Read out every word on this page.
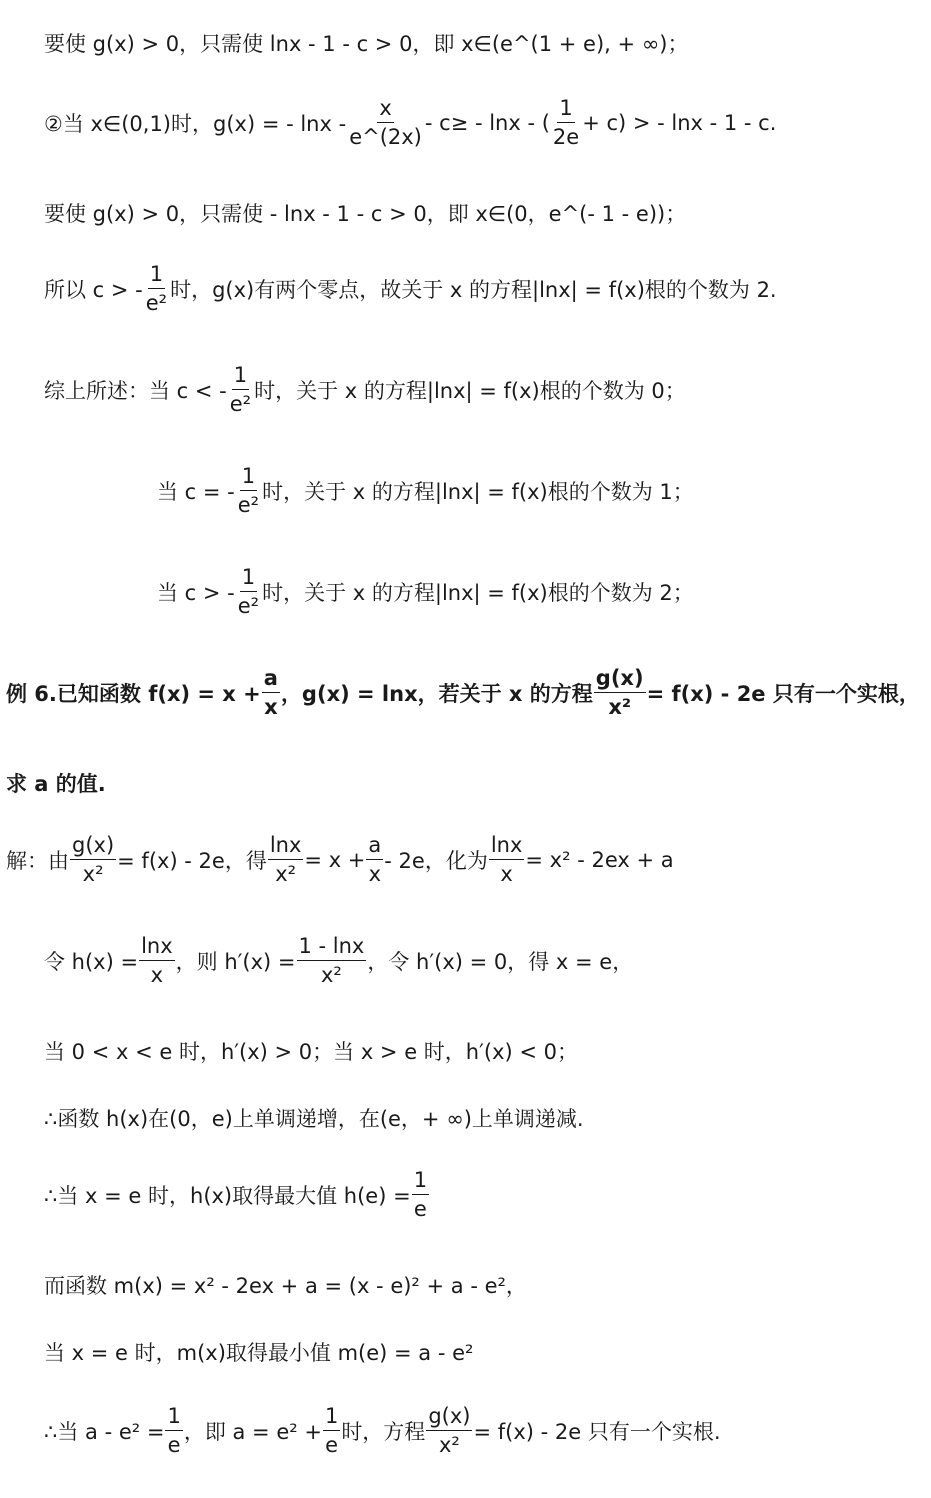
要使 g(x) > 0，只需使 lnx - 1 - c > 0，即 x∈(e^(1 + e), + ∞)；
②当 x∈(0,1)时，g(x) = - $\ln x - \frac{x}{e\^{}(2x)} - c\ge - \ln x$ - ( $\frac{1}{2e} + c$) > - lnx - 1 - c.
要使 g(x) > 0，只需使 - lnx - 1 - c > 0，即 x∈(0，e^(- 1 - e))；
所以 c > - $\frac{1}{\text{e²}}$ 时，g(x)有两个零点，故关于 x 的方程|lnx| = f(x)根的个数为 2.
综上所述：当 c < - $\frac{1}{\text{e²}}$ 时，关于 x 的方程|lnx| = f(x)根的个数为 0；
当 c = - $\frac{1}{\text{e²}}$ 时，关于 x 的方程|lnx| = f(x)根的个数为 1；
当 c > - $\frac{1}{\text{e²}}$ 时，关于 x 的方程|lnx| = f(x)根的个数为 2；
例 6.已知函数 $f(x) = x + \frac{a}{x}$ ，g(x) = lnx，若关于 x 的方程 $\frac{g(x)}{\text{x²}} = f(x) - 2e$ 只有一个实根，
求 a 的值.
解：由 $\frac{g(x)}{\text{x²}} = f(x) - 2e$，得 $\frac{\ln x}{\text{x²}} = x + \frac{a}{x} - 2e$，化为 $\frac{\ln x}{x} = x^2 - 2ex + a$
令 $h(x) = \frac{\ln x}{x}$ ，则 $h'(x) = \frac{1 - \ln x}{\text{x²}}$ ，令 h′(x) = 0，得 x = e，
当 0 < x < e 时，h′(x) > 0；当 x > e 时，h′(x) < 0；
∴函数 h(x)在(0，e)上单调递增，在(e，+ ∞)上单调递减.
∴当 x = e 时，h(x)取得最大值 $h(e) = \frac{1}{e}$
而函数 m(x) = x² - 2ex + a = (x - e)² + a - e²，
当 x = e 时，m(x)取得最小值 m(e) = a - e²
∴当 $a - e^2 = \frac{1}{e}$ ，即 $a = e^2 + \frac{1}{e}$ 时，方程 $\frac{g(x)}{\text{x²}} = f(x) - 2e$ 只有一个实根.
